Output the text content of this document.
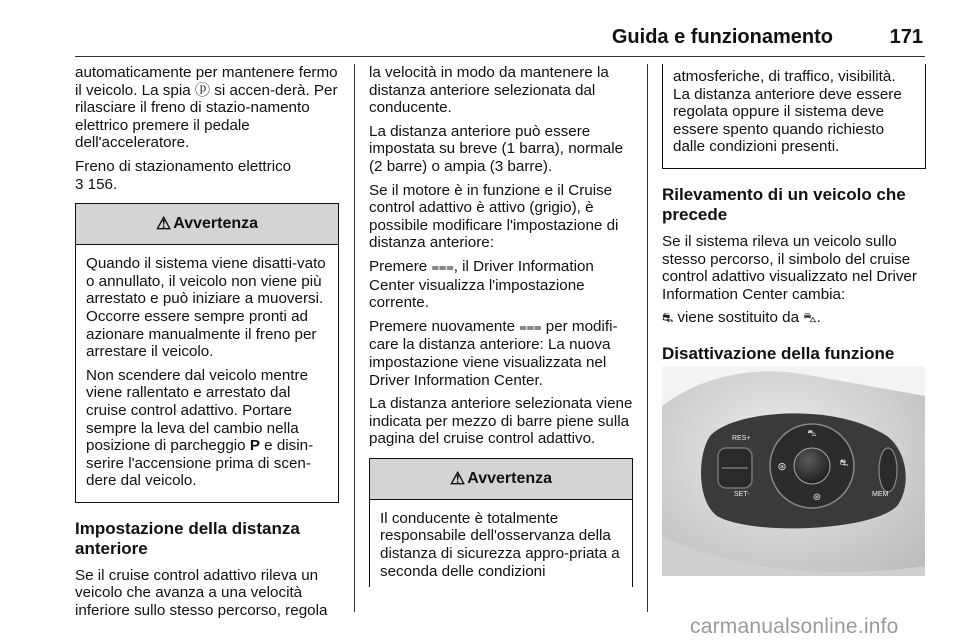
Guida e funzionamento	171

automaticamente per mantenere fermo il veicolo. La spia ⓟ si accen-derà. Per rilasciare il freno di stazio-namento elettrico premere il pedale dell'acceleratore.

Freno di stazionamento elettrico

3 156.

⚠ Avvertenza

Quando il sistema viene disatti-vato o annullato, il veicolo non viene più arrestato e può iniziare a muoversi. Occorre essere sempre pronti ad azionare manualmente il freno per arrestare il veicolo.

Non scendere dal veicolo mentre viene rallentato e arrestato dal cruise control adattivo. Portare sempre la leva del cambio nella posizione di parcheggio P e disin-serire l'accensione prima di scen-dere dal veicolo.

Impostazione della distanza anteriore

Se il cruise control adattivo rileva un veicolo che avanza a una velocità inferiore sullo stesso percorso, regola

la velocità in modo da mantenere la distanza anteriore selezionata dal conducente.

La distanza anteriore può essere impostata su breve (1 barra), normale (2 barre) o ampia (3 barre).

Se il motore è in funzione e il Cruise control adattivo è attivo (grigio), è possibile modificare l'impostazione di distanza anteriore:

Premere ⩶, il Driver Information Center visualizza l'impostazione corrente.

Premere nuovamente ⩶ per modifi-care la distanza anteriore: La nuova impostazione viene visualizzata nel Driver Information Center.

La distanza anteriore selezionata viene indicata per mezzo di barre piene sulla pagina del cruise control adattivo.

⚠ Avvertenza

Il conducente è totalmente responsabile dell'osservanza della distanza di sicurezza appro-priata a seconda delle condizioni

atmosferiche, di traffico, visibilità. La distanza anteriore deve essere regolata oppure il sistema deve essere spento quando richiesto dalle condizioni presenti.

Rilevamento di un veicolo che precede

Se il sistema rileva un veicolo sullo stesso percorso, il simbolo del cruise control adattivo visualizzato nel Driver Information Center cambia:

⛐ viene sostituito da ⛍.

Disattivazione della funzione
⛍
⊛	⛐
⊛
RES+
SET-	MEM
carmanualsonline.info
